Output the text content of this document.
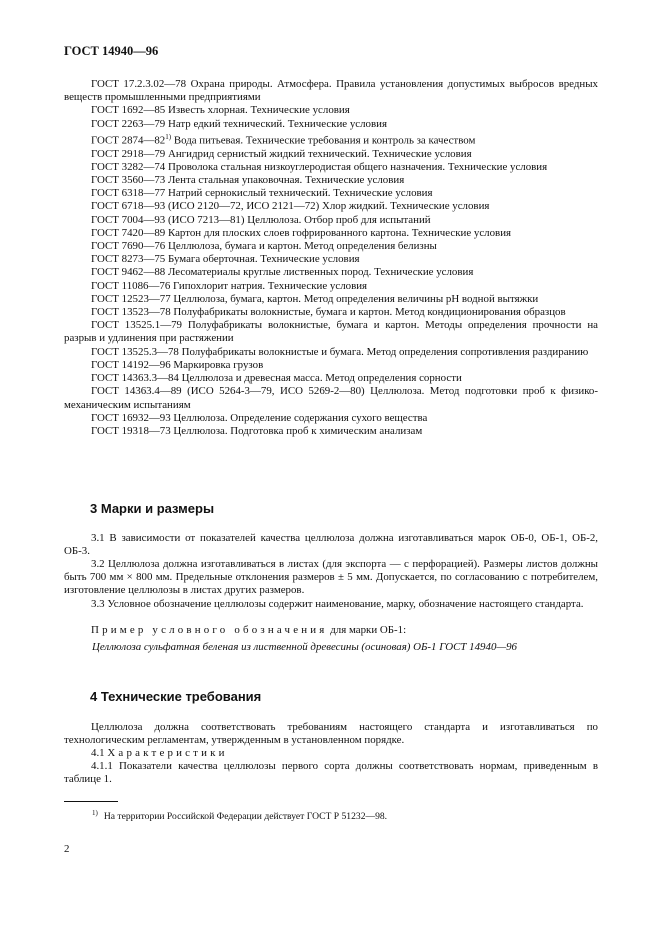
ГОСТ 14940—96
ГОСТ 17.2.3.02—78 Охрана природы. Атмосфера. Правила установления допустимых выбросов вредных веществ промышленными предприятиями
ГОСТ 1692—85 Известь хлорная. Технические условия
ГОСТ 2263—79 Натр едкий технический. Технические условия
ГОСТ 2874—82$^{1)}$ Вода питьевая. Технические требования и контроль за качеством
ГОСТ 2918—79 Ангидрид сернистый жидкий технический. Технические условия
ГОСТ 3282—74 Проволока стальная низкоуглеродистая общего назначения. Технические условия
ГОСТ 3560—73 Лента стальная упаковочная. Технические условия
ГОСТ 6318—77 Натрий сернокислый технический. Технические условия
ГОСТ 6718—93 (ИСО 2120—72, ИСО 2121—72) Хлор жидкий. Технические условия
ГОСТ 7004—93 (ИСО 7213—81) Целлюлоза. Отбор проб для испытаний
ГОСТ 7420—89 Картон для плоских слоев гофрированного картона. Технические условия
ГОСТ 7690—76 Целлюлоза, бумага и картон. Метод определения белизны
ГОСТ 8273—75 Бумага оберточная. Технические условия
ГОСТ 9462—88 Лесоматериалы круглые лиственных пород. Технические условия
ГОСТ 11086—76 Гипохлорит натрия. Технические условия
ГОСТ 12523—77 Целлюлоза, бумага, картон. Метод определения величины рН водной вытяжки
ГОСТ 13523—78 Полуфабрикаты волокнистые, бумага и картон. Метод кондиционирования образцов
ГОСТ 13525.1—79 Полуфабрикаты волокнистые, бумага и картон. Методы определения прочности на разрыв и удлинения при растяжении
ГОСТ 13525.3—78 Полуфабрикаты волокнистые и бумага. Метод определения сопротивления раздиранию
ГОСТ 14192—96 Маркировка грузов
ГОСТ 14363.3—84 Целлюлоза и древесная масса. Метод определения сорности
ГОСТ 14363.4—89 (ИСО 5264-3—79, ИСО 5269-2—80) Целлюлоза. Метод подготовки проб к физико-механическим испытаниям
ГОСТ 16932—93 Целлюлоза. Определение содержания сухого вещества
ГОСТ 19318—73 Целлюлоза. Подготовка проб к химическим анализам
3 Марки и размеры
3.1 В зависимости от показателей качества целлюлоза должна изготавливаться марок ОБ-0, ОБ-1, ОБ-2, ОБ-3.
3.2 Целлюлоза должна изготавливаться в листах (для экспорта — с перфорацией). Размеры листов должны быть 700 мм × 800 мм. Предельные отклонения размеров ± 5 мм. Допускается, по согласованию с потребителем, изготовление целлюлозы в листах других размеров.
3.3 Условное обозначение целлюлозы содержит наименование, марку, обозначение настоящего стандарта.
Пример условного обозначения для марки ОБ-1:
Целлюлоза сульфатная беленая из лиственной древесины (осиновая) ОБ-1 ГОСТ 14940—96
4 Технические требования
Целлюлоза должна соответствовать требованиям настоящего стандарта и изготавливаться по технологическим регламентам, утвержденным в установленном порядке.
4.1 Характеристики
4.1.1 Показатели качества целлюлозы первого сорта должны соответствовать нормам, приведенным в таблице 1.
$^{1)}$ На территории Российской Федерации действует ГОСТ Р 51232—98.
2
